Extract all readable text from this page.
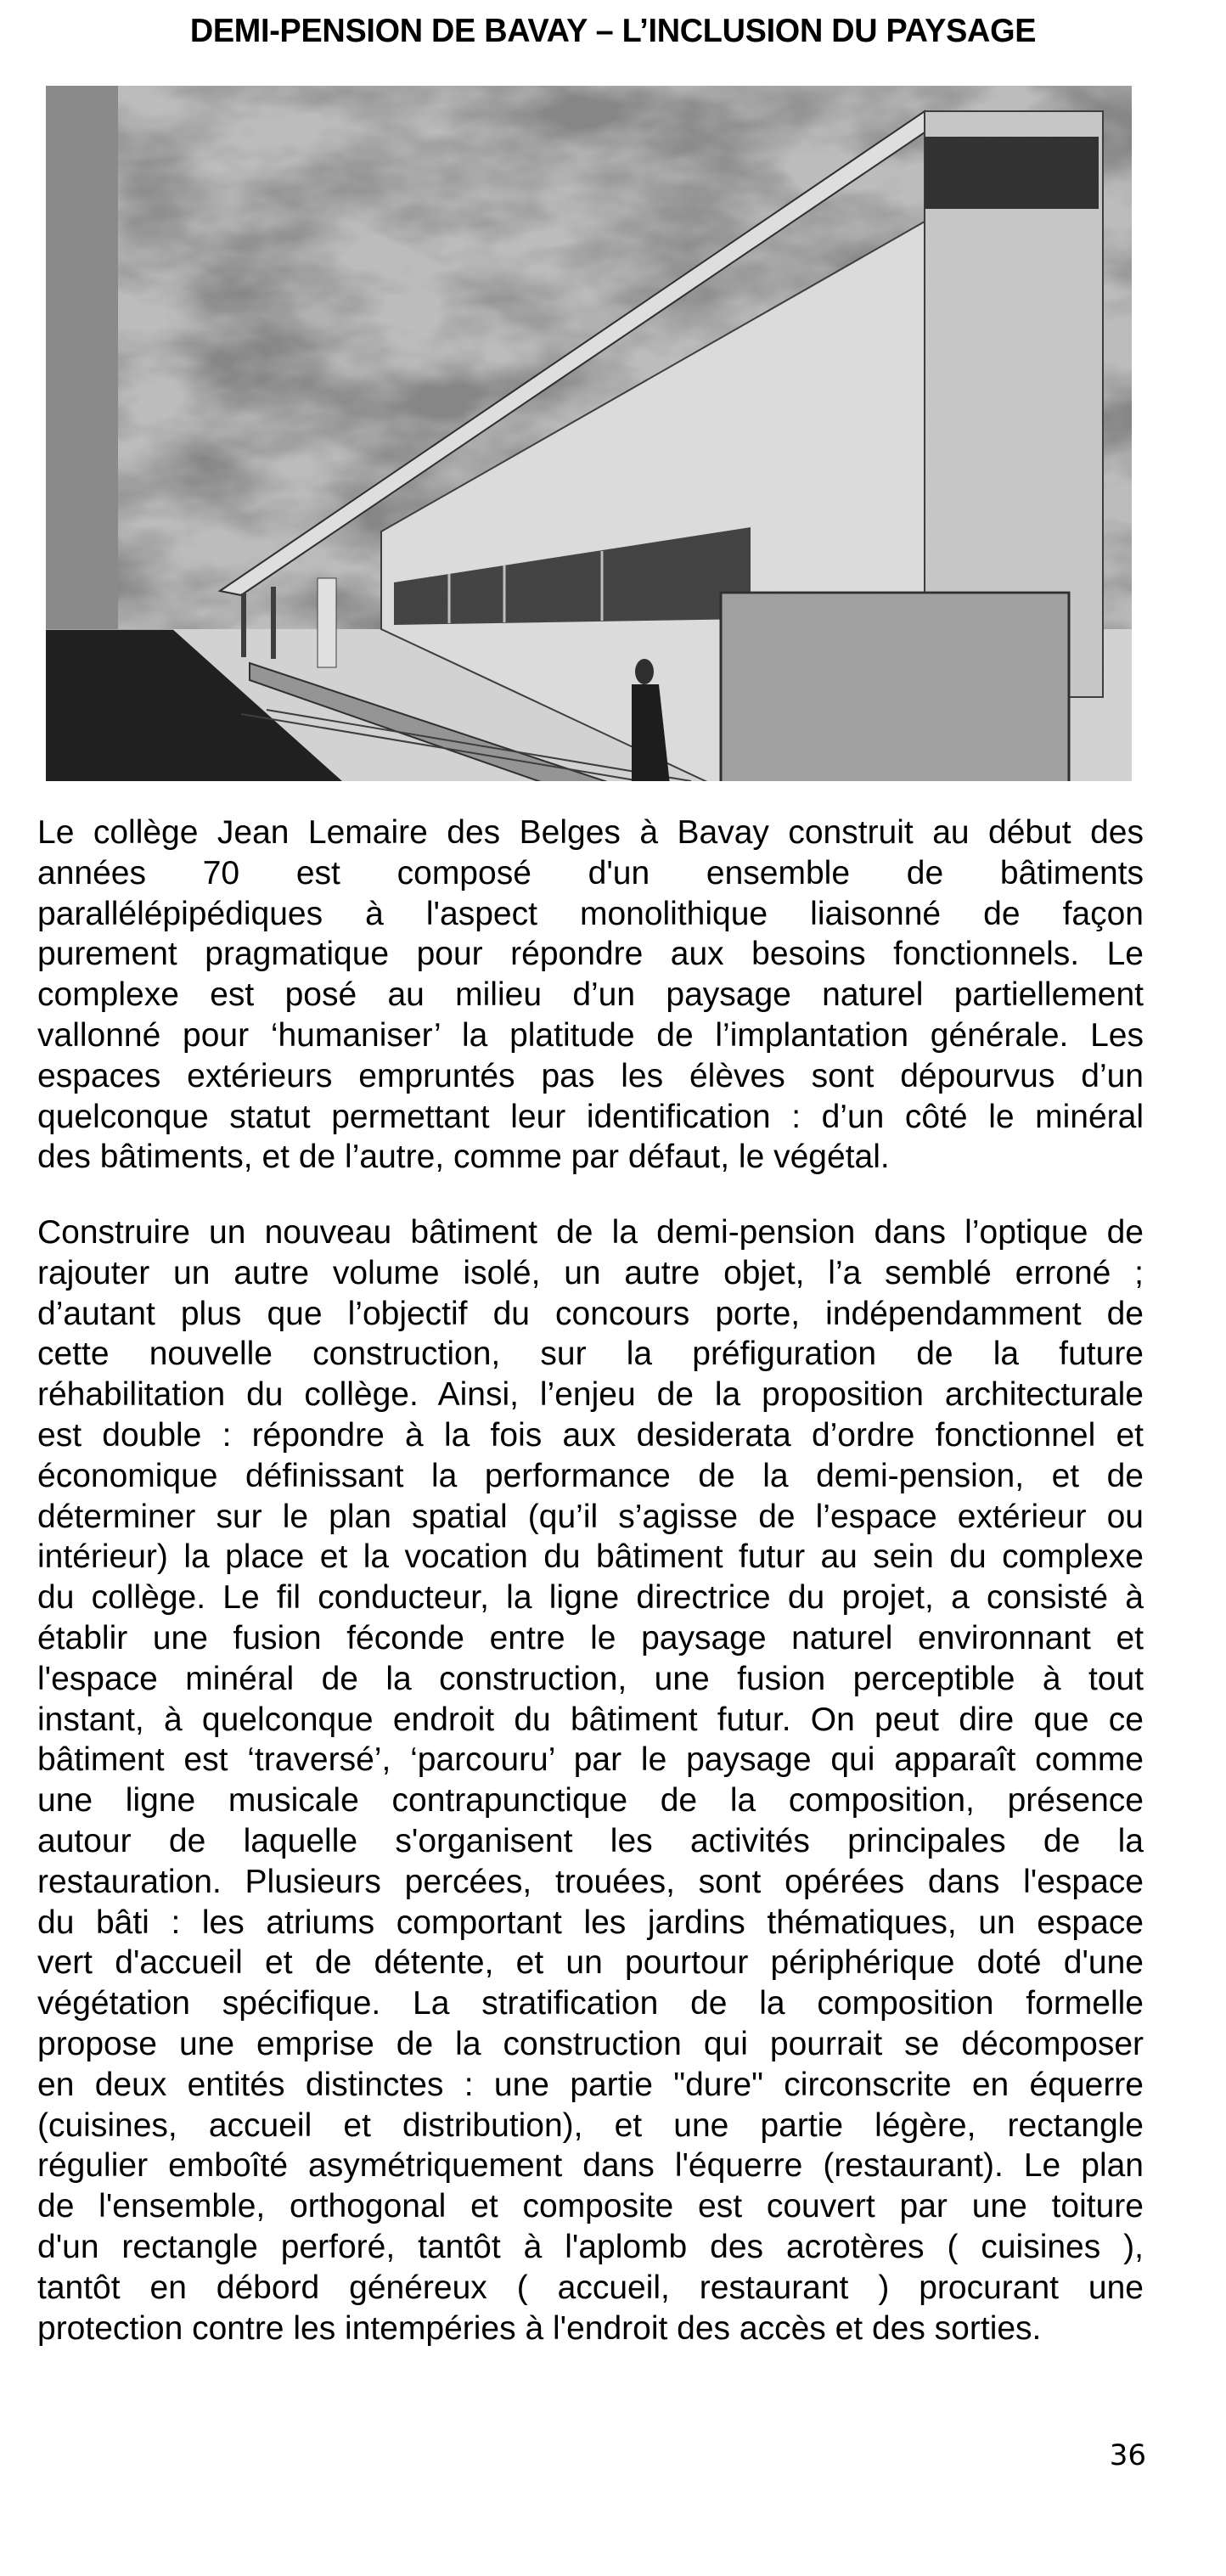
DEMI-PENSION DE BAVAY – L’INCLUSION DU PAYSAGE
Le collège Jean Lemaire des Belges à Bavay construit au début des
années 70 est composé d'un ensemble de bâtiments
parallélépipédiques à l'aspect monolithique liaisonné de façon
purement pragmatique pour répondre aux besoins fonctionnels. Le
complexe est posé au milieu d’un paysage naturel partiellement
vallonné pour ‘humaniser’ la platitude de l’implantation générale. Les
espaces extérieurs empruntés pas les élèves sont dépourvus d’un
quelconque statut permettant leur identification : d’un côté le minéral
des bâtiments, et de l’autre, comme par défaut, le végétal.
Construire un nouveau bâtiment de la demi-pension dans l’optique de
rajouter un autre volume isolé, un autre objet, l’a semblé erroné ;
d’autant plus que l’objectif du concours porte, indépendamment de
cette nouvelle construction, sur la préfiguration de la future
réhabilitation du collège. Ainsi, l’enjeu de la proposition architecturale
est double : répondre à la fois aux desiderata d’ordre fonctionnel et
économique définissant la performance de la demi-pension, et de
déterminer sur le plan spatial (qu’il s’agisse de l’espace extérieur ou
intérieur) la place et la vocation du bâtiment futur au sein du complexe
du collège. Le fil conducteur, la ligne directrice du projet, a consisté à
établir une fusion féconde entre le paysage naturel environnant et
l'espace minéral de la construction, une fusion perceptible à tout
instant, à quelconque endroit du bâtiment futur. On peut dire que ce
bâtiment est ‘traversé’, ‘parcouru’ par le paysage qui apparaît comme
une ligne musicale contrapunctique de la composition, présence
autour de laquelle s'organisent les activités principales de la
restauration. Plusieurs percées, trouées, sont opérées dans l'espace
du bâti : les atriums comportant les jardins thématiques, un espace
vert d'accueil et de détente, et un pourtour périphérique doté d'une
végétation spécifique. La stratification de la composition formelle
propose une emprise de la construction qui pourrait se décomposer
en deux entités distinctes : une partie "dure" circonscrite en équerre
(cuisines, accueil et distribution), et une partie légère, rectangle
régulier emboîté asymétriquement dans l'équerre (restaurant). Le plan
de l'ensemble, orthogonal et composite est couvert par une toiture
d'un rectangle perforé, tantôt à l'aplomb des acrotères ( cuisines ),
tantôt en débord généreux ( accueil, restaurant ) procurant une
protection contre les intempéries à l'endroit des accès et des sorties.
36
